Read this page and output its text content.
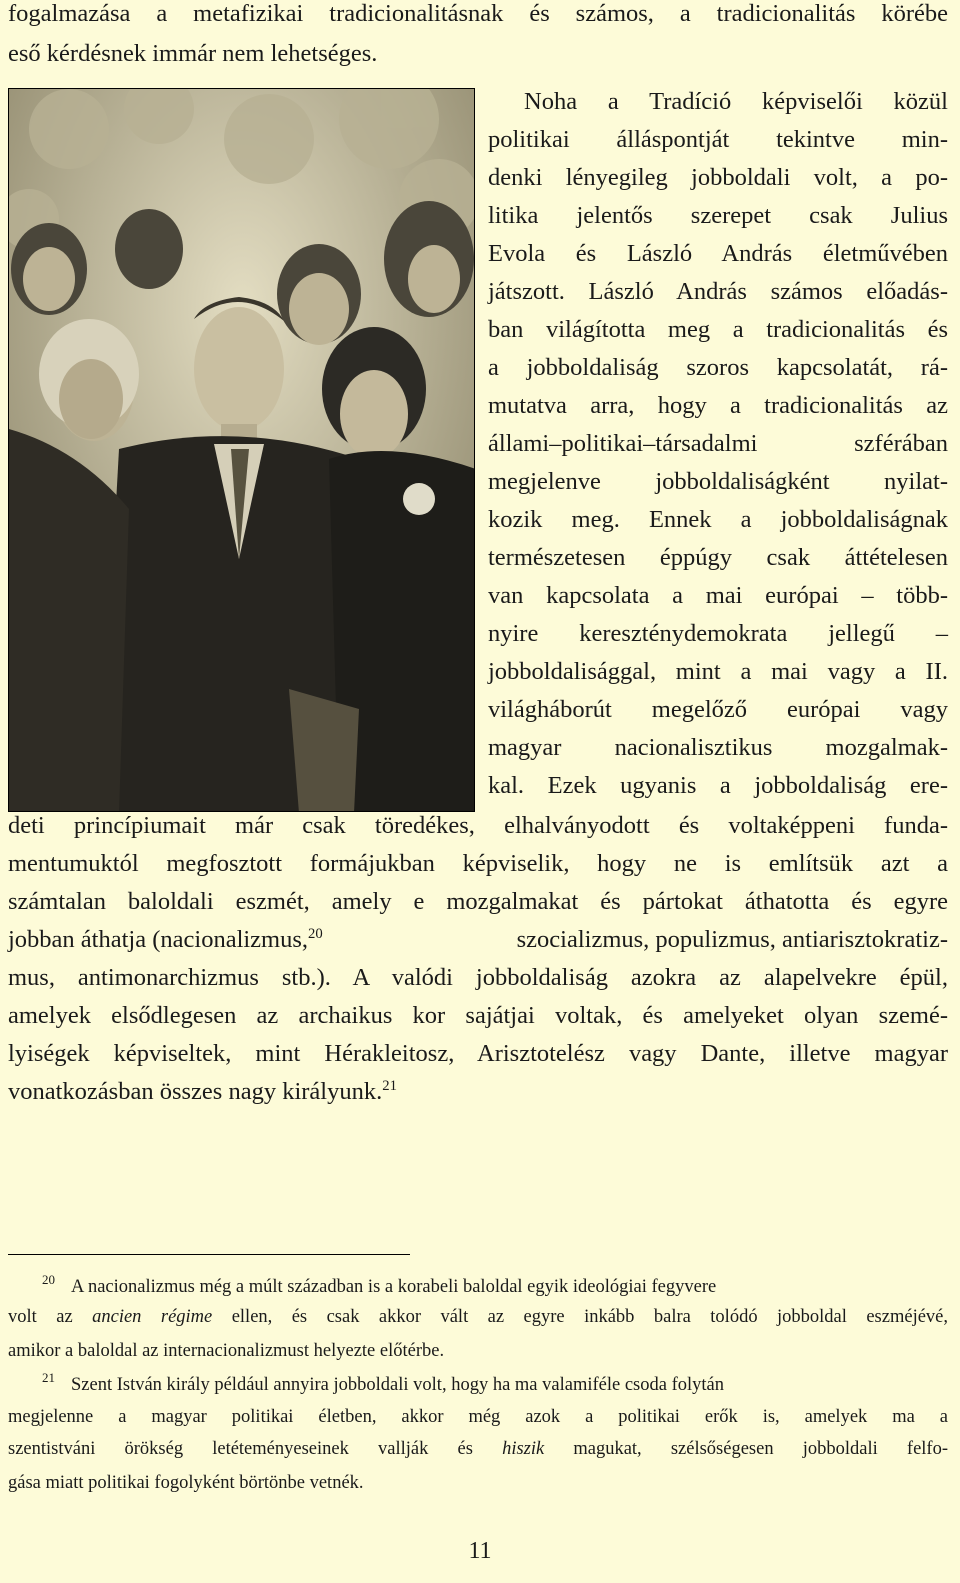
fogalmazása a metafizikai tradicionalitásnak és számos, a tradicionalitás körébe
eső kérdésnek immár nem lehetséges.
Noha a Tradíció képviselői közül
politikai álláspontját tekintve min-
denki lényegileg jobboldali volt, a po-
litika jelentős szerepet csak Julius
Evola és László András életművében
játszott. László András számos előadás-
ban világította meg a tradicionalitás és
a jobboldaliság szoros kapcsolatát, rá-
mutatva arra, hogy a tradicionalitás az
állami–politikai–társadalmi szférában
megjelenve jobboldaliságként nyilat-
kozik meg. Ennek a jobboldaliságnak
természetesen éppúgy csak áttételesen
van kapcsolata a mai európai – több-
nyire kereszténydemokrata jellegű –
jobboldalisággal, mint a mai vagy a II.
világháborút megelőző európai vagy
magyar nacionalisztikus mozgalmak-
kal. Ezek ugyanis a jobboldaliság ere-
deti princípiumait már csak töredékes, elhalványodott és voltaképpeni funda-
mentumuktól megfosztott formájukban képviselik, hogy ne is említsük azt a
számtalan baloldali eszmét, amely e mozgalmakat és pártokat áthatotta és egyre
jobban áthatja (nacionalizmus,$^{20}$	szocializmus, populizmus, antiarisztokratiz-
mus, antimonarchizmus stb.). A valódi jobboldaliság azokra az alapelvekre épül,
amelyek elsődlegesen az archaikus kor sajátjai voltak, és amelyeket olyan szemé-
lyiségek képviseltek, mint Hérakleitosz, Arisztotelész vagy Dante, illetve magyar
vonatkozásban összes nagy királyunk.$^{21}$
$^{20}$ A nacionalizmus még a múlt században is a korabeli baloldal egyik ideológiai fegyvere
volt az ancien régime ellen, és csak akkor vált az egyre inkább balra tolódó jobboldal eszméjévé,
amikor a baloldal az internacionalizmust helyezte előtérbe.
$^{21}$ Szent István király például annyira jobboldali volt, hogy ha ma valamiféle csoda folytán
megjelenne a magyar politikai életben, akkor még azok a politikai erők is, amelyek ma a
szentistváni örökség letéteményeseinek vallják és hiszik magukat, szélsőségesen jobboldali felfo-
gása miatt politikai fogolyként börtönbe vetnék.
11
